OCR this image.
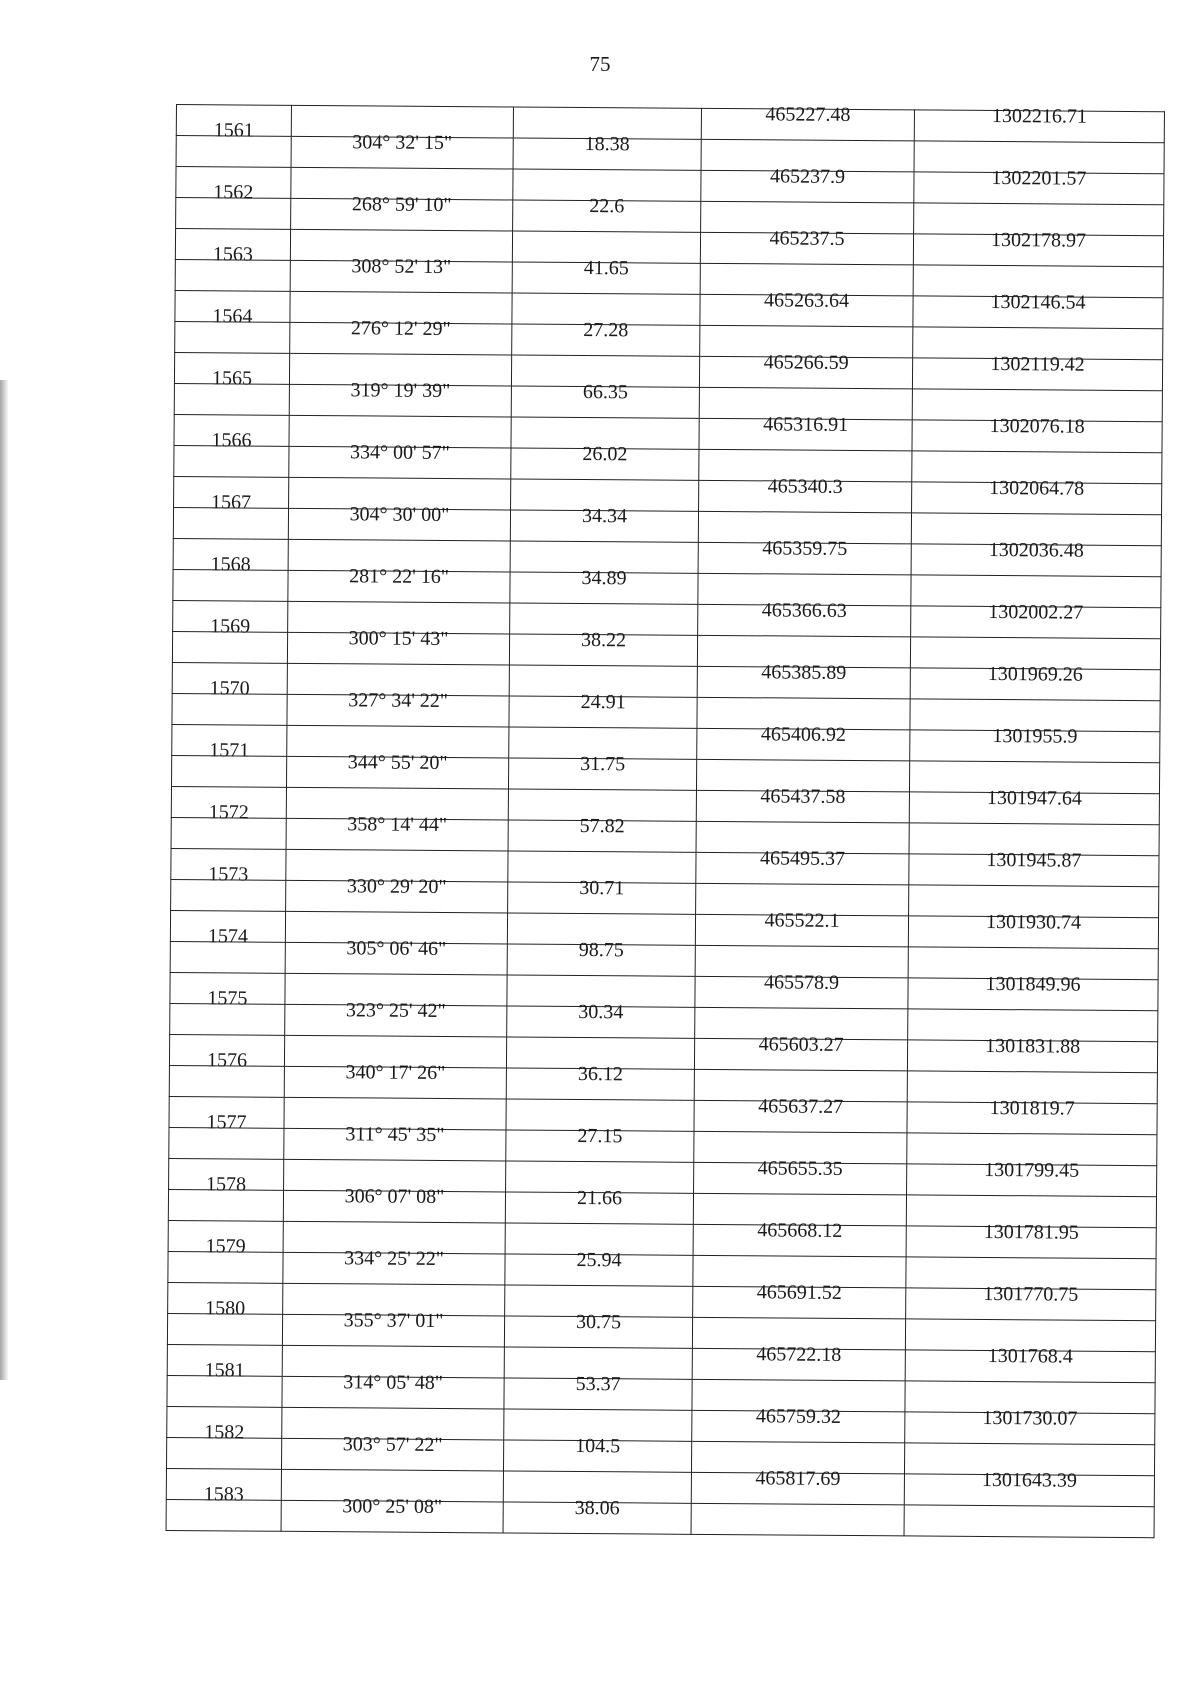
75
1561			465227.48	1302216.71
	304° 32' 15"	18.38		
1562			465237.9	1302201.57
	268° 59' 10"	22.6		
1563			465237.5	1302178.97
	308° 52' 13"	41.65		
1564			465263.64	1302146.54
	276° 12' 29"	27.28		
1565			465266.59	1302119.42
	319° 19' 39"	66.35		
1566			465316.91	1302076.18
	334° 00' 57"	26.02		
1567			465340.3	1302064.78
	304° 30' 00"	34.34		
1568			465359.75	1302036.48
	281° 22' 16"	34.89		
1569			465366.63	1302002.27
	300° 15' 43"	38.22		
1570			465385.89	1301969.26
	327° 34' 22"	24.91		
1571			465406.92	1301955.9
	344° 55' 20"	31.75		
1572			465437.58	1301947.64
	358° 14' 44"	57.82		
1573			465495.37	1301945.87
	330° 29' 20"	30.71		
1574			465522.1	1301930.74
	305° 06' 46"	98.75		
1575			465578.9	1301849.96
	323° 25' 42"	30.34		
1576			465603.27	1301831.88
	340° 17' 26"	36.12		
1577			465637.27	1301819.7
	311° 45' 35"	27.15		
1578			465655.35	1301799.45
	306° 07' 08"	21.66		
1579			465668.12	1301781.95
	334° 25' 22"	25.94		
1580			465691.52	1301770.75
	355° 37' 01"	30.75		
1581			465722.18	1301768.4
	314° 05' 48"	53.37		
1582			465759.32	1301730.07
	303° 57' 22"	104.5		
1583			465817.69	1301643.39
	300° 25' 08"	38.06		
